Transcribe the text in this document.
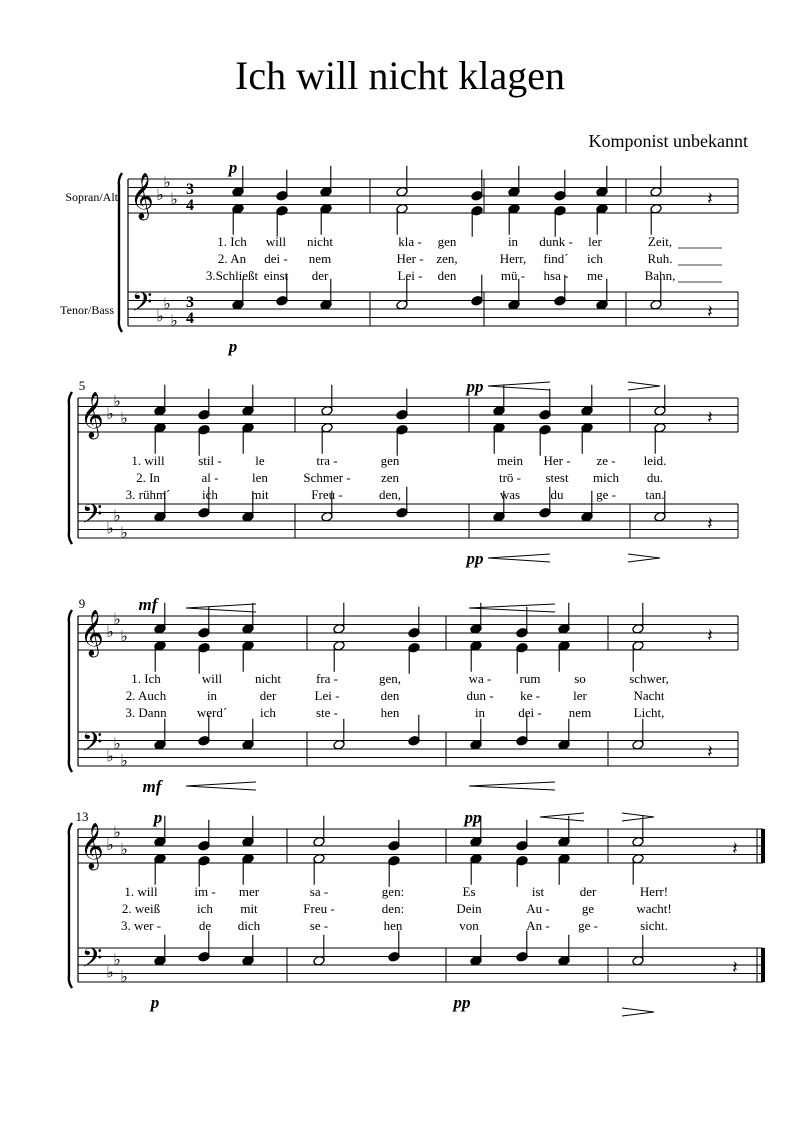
Ich will nicht klagen
Komponist unbekannt
𝄞
𝄢
♭
♭
♭
♭
♭
♭
3
4
3
4
Sopran/Alt
Tenor/Bass
1. Ich
2. An
3.Schließt
will
dei -
einst
nicht
nem
der
kla -
Her -
Lei -
gen
zen,
den
in
Herr,
mü -
dunk -
find´
hsa -
ler
ich
me
𝄽
𝄽
Zeit,
Ruh.
Bahn,
p
p
𝄞
𝄢
♭
♭
♭
♭
♭
♭
5
1. will
2. In
3. rühm´
stil -
al -
ich
le
len
mit
tra -
Schmer -
Freu -
gen
zen
den,
mein
trö -
was
Her -
stest
du
ze -
mich
ge -
𝄽
𝄽
leid.
du.
tan.
pp
pp
𝄞
𝄢
♭
♭
♭
♭
♭
♭
9
1. Ich
2. Auch
3. Dann
will
in
werd´
nicht
der
ich
fra -
Lei -
ste -
gen,
den
hen
wa -
dun -
in
rum
ke -
dei -
so
ler
nem
𝄽
𝄽
schwer,
Nacht
Licht,
mf
mf
𝄞
𝄢
♭
♭
♭
♭
♭
♭
13
1. will
2. weiß
3. wer -
im -
ich
de
mer
mit
dich
sa -
Freu -
se -
gen:
den:
hen
Es
Dein
von
ist
Au -
An -
der
ge
ge -
𝄽
𝄽
Herr!
wacht!
sicht.
p	pp
p	pp
